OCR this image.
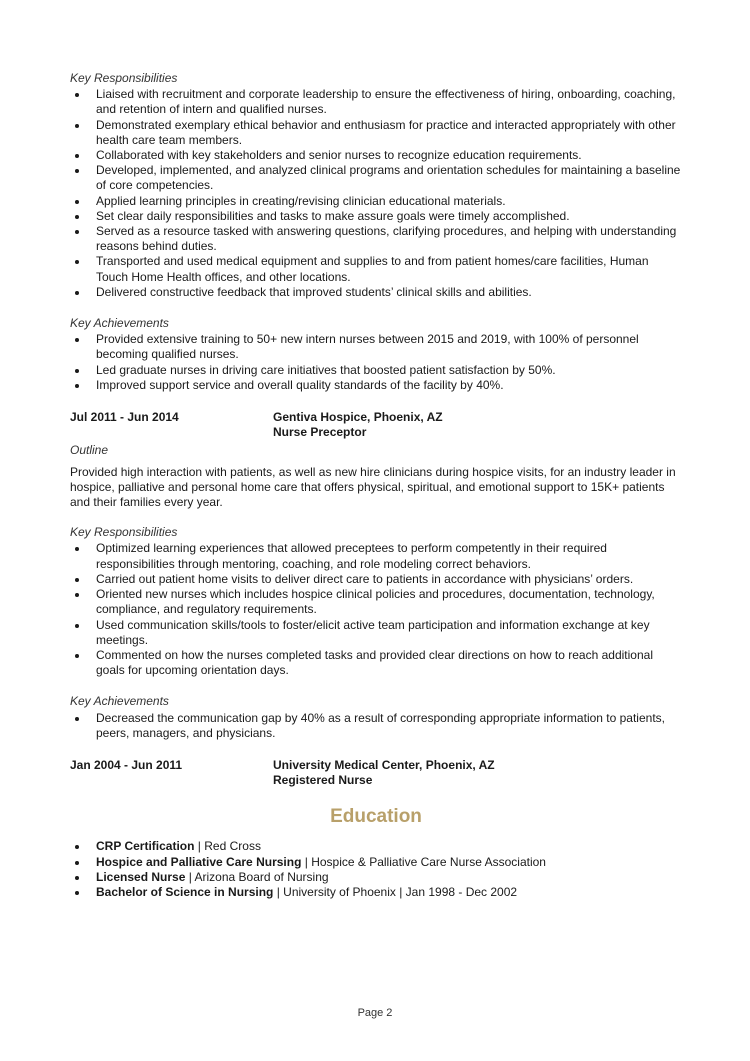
Key Responsibilities
Liaised with recruitment and corporate leadership to ensure the effectiveness of hiring, onboarding, coaching, and retention of intern and qualified nurses.
Demonstrated exemplary ethical behavior and enthusiasm for practice and interacted appropriately with other health care team members.
Collaborated with key stakeholders and senior nurses to recognize education requirements.
Developed, implemented, and analyzed clinical programs and orientation schedules for maintaining a baseline of core competencies.
Applied learning principles in creating/revising clinician educational materials.
Set clear daily responsibilities and tasks to make assure goals were timely accomplished.
Served as a resource tasked with answering questions, clarifying procedures, and helping with understanding reasons behind duties.
Transported and used medical equipment and supplies to and from patient homes/care facilities, Human Touch Home Health offices, and other locations.
Delivered constructive feedback that improved students’ clinical skills and abilities.
Key Achievements
Provided extensive training to 50+ new intern nurses between 2015 and 2019, with 100% of personnel becoming qualified nurses.
Led graduate nurses in driving care initiatives that boosted patient satisfaction by 50%.
Improved support service and overall quality standards of the facility by 40%.
Jul 2011 - Jun 2014	Gentiva Hospice, Phoenix, AZ
Nurse Preceptor
Outline

Provided high interaction with patients, as well as new hire clinicians during hospice visits, for an industry leader in hospice, palliative and personal home care that offers physical, spiritual, and emotional support to 15K+ patients and their families every year.

Key Responsibilities
Optimized learning experiences that allowed preceptees to perform competently in their required responsibilities through mentoring, coaching, and role modeling correct behaviors.
Carried out patient home visits to deliver direct care to patients in accordance with physicians’ orders.
Oriented new nurses which includes hospice clinical policies and procedures, documentation, technology, compliance, and regulatory requirements.
Used communication skills/tools to foster/elicit active team participation and information exchange at key meetings.
Commented on how the nurses completed tasks and provided clear directions on how to reach additional goals for upcoming orientation days.
Key Achievements
Decreased the communication gap by 40% as a result of corresponding appropriate information to patients, peers, managers, and physicians.
Jan 2004 - Jun 2011	University Medical Center, Phoenix, AZ
Registered Nurse
Education
CRP Certification | Red Cross
Hospice and Palliative Care Nursing | Hospice & Palliative Care Nurse Association
Licensed Nurse | Arizona Board of Nursing
Bachelor of Science in Nursing | University of Phoenix | Jan 1998 - Dec 2002
Page 2
